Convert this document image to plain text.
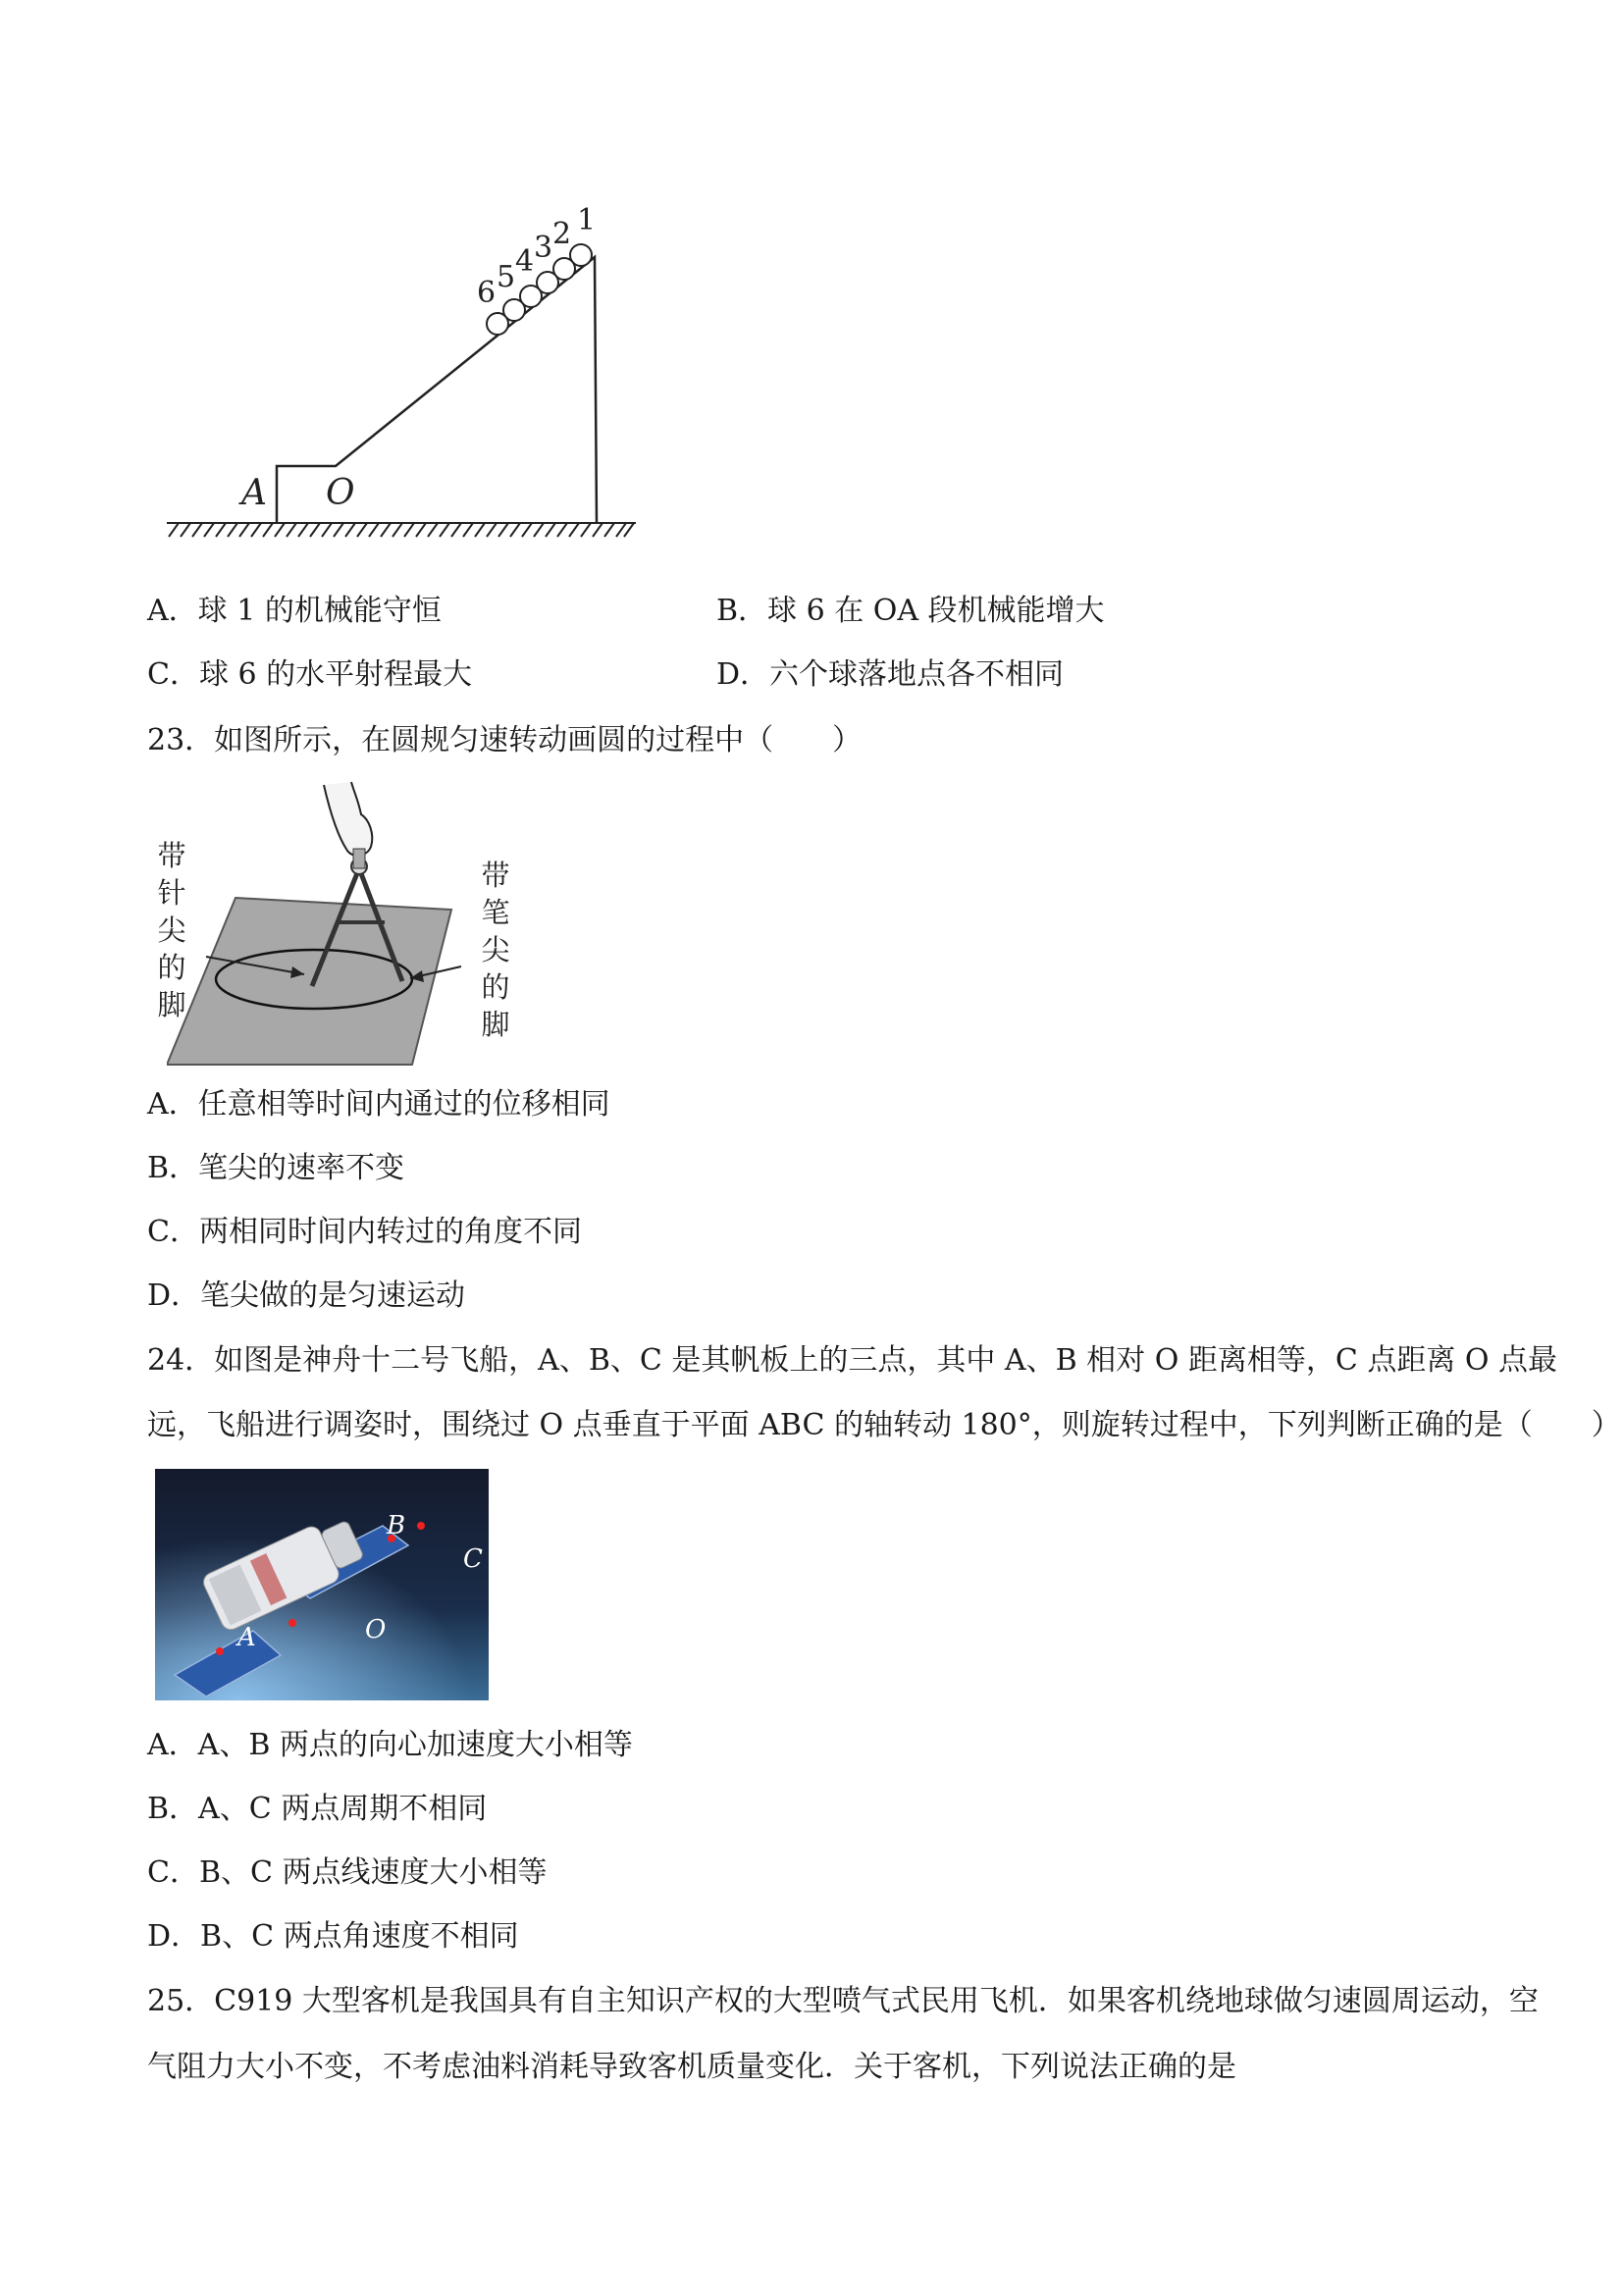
1
2
3
4
5
6
A O
A．球 1 的机械能守恒	B．球 6 在 OA 段机械能增大
C．球 6 的水平射程最大	D．六个球落地点各不相同
23．如图所示，在圆规匀速转动画圆的过程中（　　）
带
针
尖
的
脚
带
笔
尖
的
脚
A．任意相等时间内通过的位移相同
B．笔尖的速率不变
C．两相同时间内转过的角度不同
D．笔尖做的是匀速运动
24．如图是神舟十二号飞船，A、B、C 是其帆板上的三点，其中 A、B 相对 O 距离相等，C 点距离 O 点最
远，飞船进行调姿时，围绕过 O 点垂直于平面 ABC 的轴转动 180°，则旋转过程中，下列判断正确的是（　　）
B
C
A	O
A．A、B 两点的向心加速度大小相等
B．A、C 两点周期不相同
C．B、C 两点线速度大小相等
D．B、C 两点角速度不相同
25．C919 大型客机是我国具有自主知识产权的大型喷气式民用飞机．如果客机绕地球做匀速圆周运动，空
气阻力大小不变，不考虑油料消耗导致客机质量变化．关于客机，下列说法正确的是
